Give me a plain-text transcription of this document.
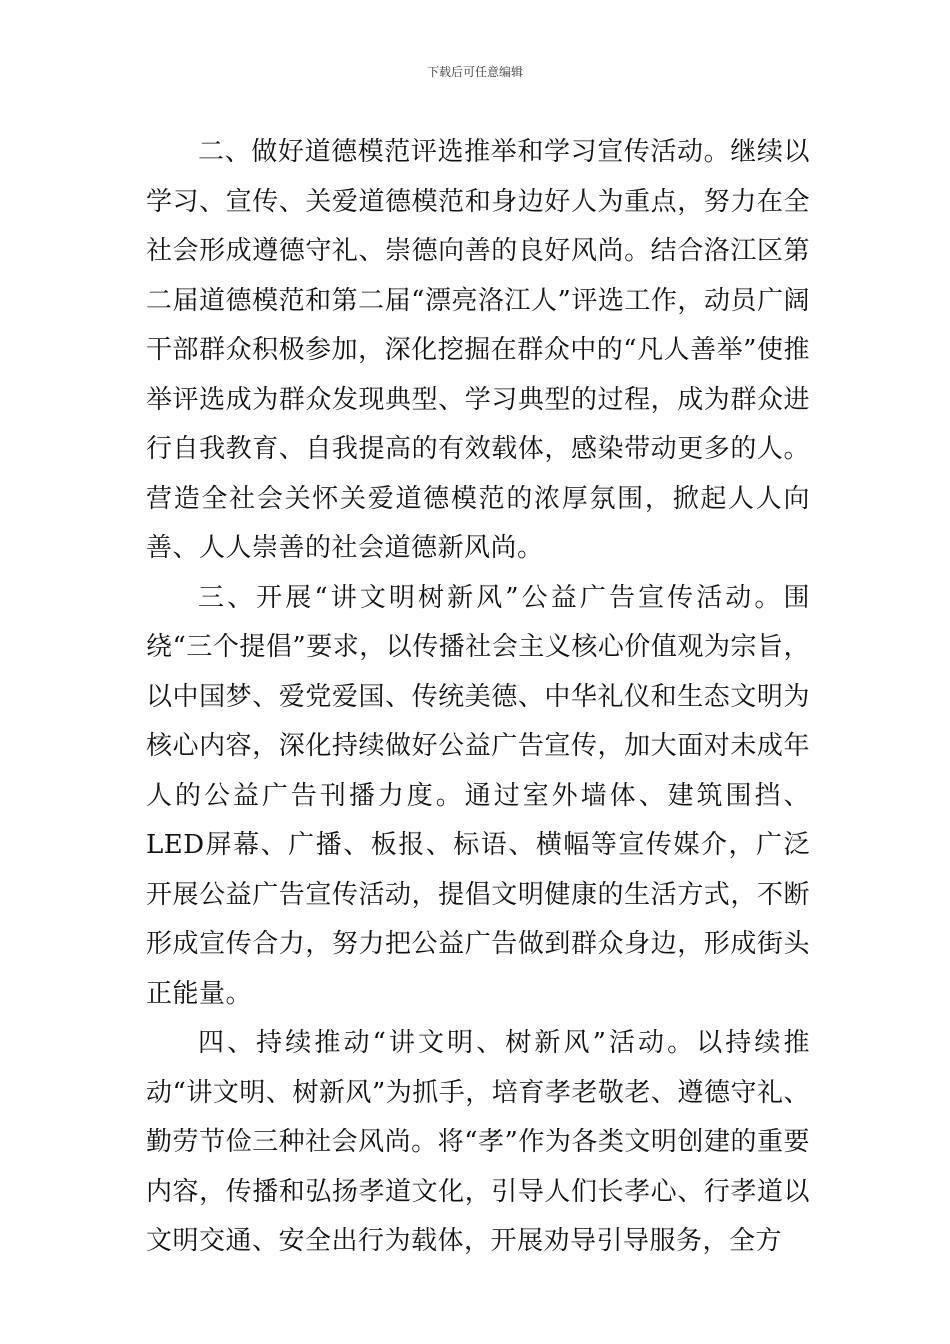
下载后可任意编辑

二、做好道德模范评选推举和学习宣传活动。继续以学习、宣传、关爱道德模范和身边好人为重点，努力在全社会形成遵德守礼、崇德向善的良好风尚。结合洛江区第二届道德模范和第二届“漂亮洛江人”评选工作，动员广阔干部群众积极参加，深化挖掘在群众中的“凡人善举”使推举评选成为群众发现典型、学习典型的过程，成为群众进行自我教育、自我提高的有效载体，感染带动更多的人。营造全社会关怀关爱道德模范的浓厚氛围，掀起人人向善、人人崇善的社会道德新风尚。

三、开展“讲文明树新风”公益广告宣传活动。围绕“三个提倡”要求，以传播社会主义核心价值观为宗旨，以中国梦、爱党爱国、传统美德、中华礼仪和生态文明为核心内容，深化持续做好公益广告宣传，加大面对未成年人的公益广告刊播力度。通过室外墙体、建筑围挡、LED屏幕、广播、板报、标语、横幅等宣传媒介，广泛开展公益广告宣传活动，提倡文明健康的生活方式，不断形成宣传合力，努力把公益广告做到群众身边，形成街头正能量。

四、持续推动“讲文明、树新风”活动。以持续推动“讲文明、树新风”为抓手，培育孝老敬老、遵德守礼、勤劳节俭三种社会风尚。将“孝”作为各类文明创建的重要内容，传播和弘扬孝道文化，引导人们长孝心、行孝道以文明交通、安全出行为载体，开展劝导引导服务，全方
